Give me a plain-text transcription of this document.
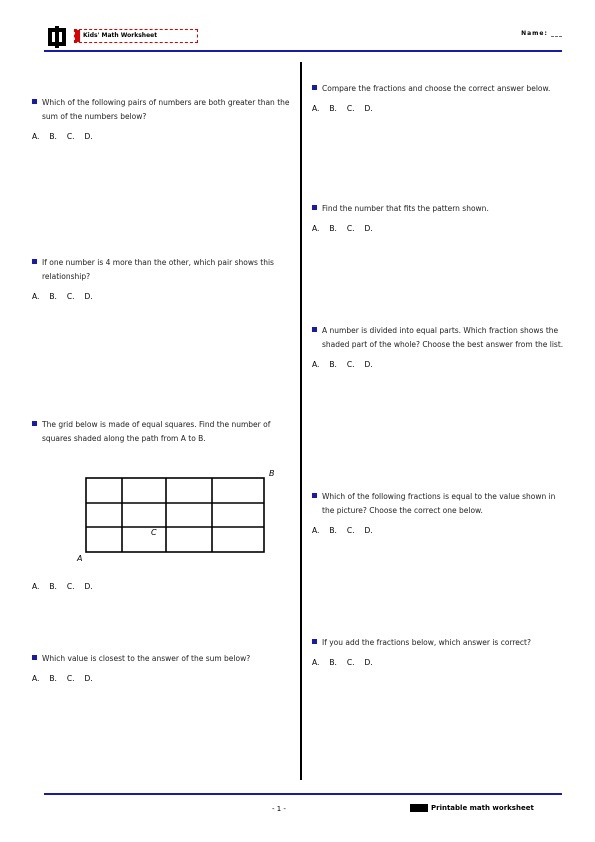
Kids' Math Worksheet	Name: ___
Which of the following pairs of numbers are both greater than the sum of the numbers below?
A. B. C. D.
If one number is 4 more than the other, which pair shows this relationship?
A. B. C. D.
The grid below is made of equal squares. Find the number of squares shaded along the path from A to B.
A
B
C
A. B. C. D.
Which value is closest to the answer of the sum below?
A. B. C. D.
Compare the fractions and choose the correct answer below.
A. B. C. D.
Find the number that fits the pattern shown.
A. B. C. D.
A number is divided into equal parts. Which fraction shows the shaded part of the whole? Choose the best answer from the list.
A. B. C. D.
Which of the following fractions is equal to the value shown in the picture? Choose the correct one below.
A. B. C. D.
If you add the fractions below, which answer is correct?
A. B. C. D.
- 1 -	Printable math worksheet
